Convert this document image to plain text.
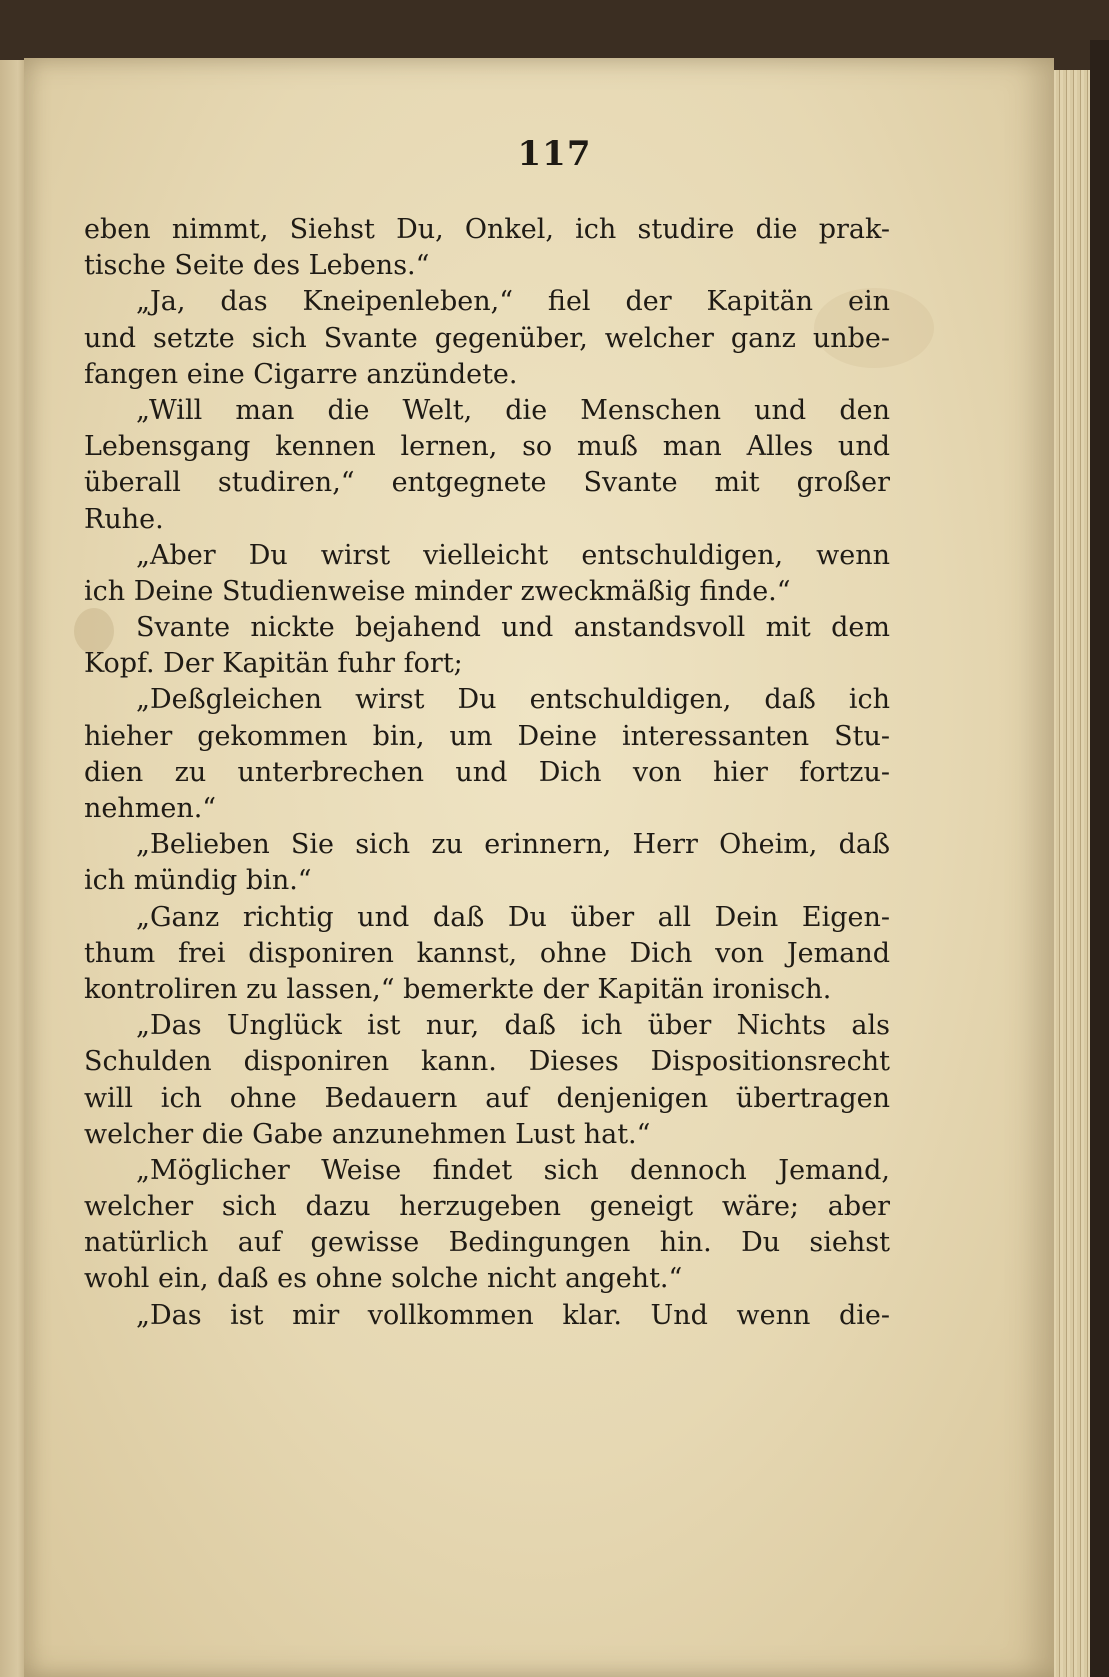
117
eben nimmt, Siehst Du, Onkel, ich studire die prak-
tische Seite des Lebens.“
„Ja, das Kneipenleben,“ fiel der Kapitän ein
und setzte sich Svante gegenüber, welcher ganz unbe-
fangen eine Cigarre anzündete.
„Will man die Welt, die Menschen und den
Lebensgang kennen lernen, so muß man Alles und
überall studiren,“ entgegnete Svante mit großer
Ruhe.
„Aber Du wirst vielleicht entschuldigen, wenn
ich Deine Studienweise minder zweckmäßig finde.“
Svante nickte bejahend und anstandsvoll mit dem
Kopf. Der Kapitän fuhr fort;
„Deßgleichen wirst Du entschuldigen, daß ich
hieher gekommen bin, um Deine interessanten Stu-
dien zu unterbrechen und Dich von hier fortzu-
nehmen.“
„Belieben Sie sich zu erinnern, Herr Oheim, daß
ich mündig bin.“
„Ganz richtig und daß Du über all Dein Eigen-
thum frei disponiren kannst, ohne Dich von Jemand
kontroliren zu lassen,“ bemerkte der Kapitän ironisch.
„Das Unglück ist nur, daß ich über Nichts als
Schulden disponiren kann. Dieses Dispositionsrecht
will ich ohne Bedauern auf denjenigen übertragen
welcher die Gabe anzunehmen Lust hat.“
„Möglicher Weise findet sich dennoch Jemand,
welcher sich dazu herzugeben geneigt wäre; aber
natürlich auf gewisse Bedingungen hin. Du siehst
wohl ein, daß es ohne solche nicht angeht.“
„Das ist mir vollkommen klar. Und wenn die-
